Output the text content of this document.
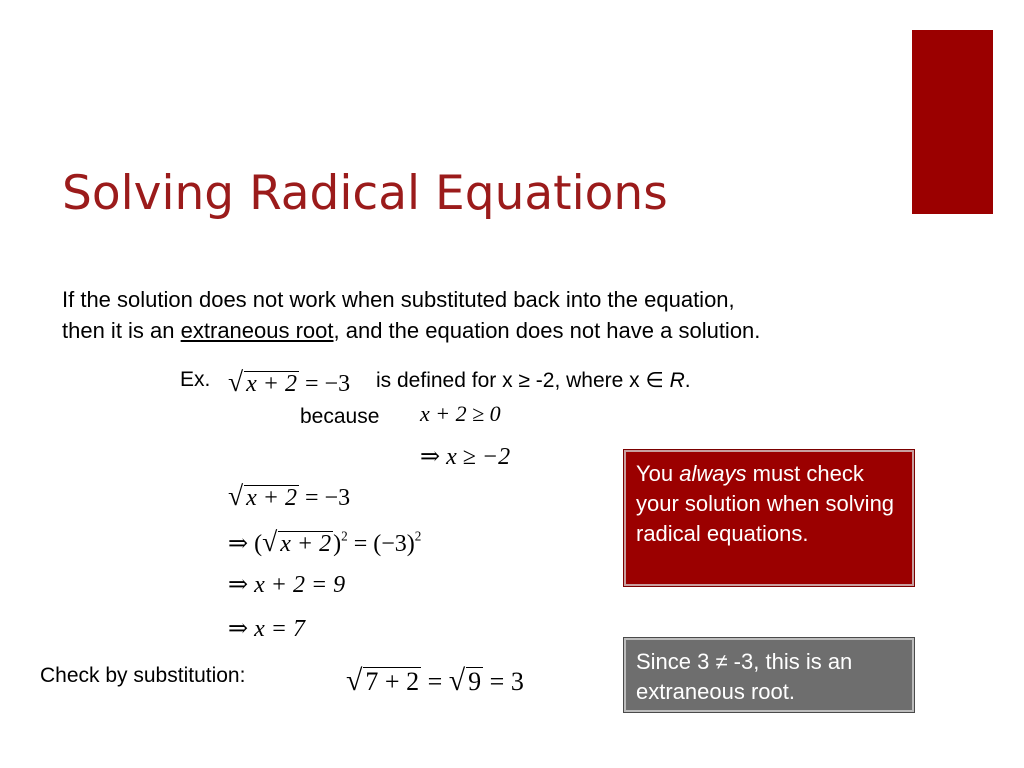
Solving Radical Equations
If the solution does not work when substituted back into the equation,
then it is an extraneous root, and the equation does not have a solution.
Ex. √ x + 2 = −3 is defined for x ≥ -2, where x ∈ R.
because x + 2 ≥ 0
⇒ x ≥ −2
√ x + 2 = −3
⇒ (√ $x + 2)^2 = (-3)^2$
⇒ x + 2 = 9
⇒ x = 7
Check by substitution:	√ 7 + 2 = √ 9 = 3
You always must check your solution when solving radical equations.
Since 3 ≠ -3, this is an extraneous root.
